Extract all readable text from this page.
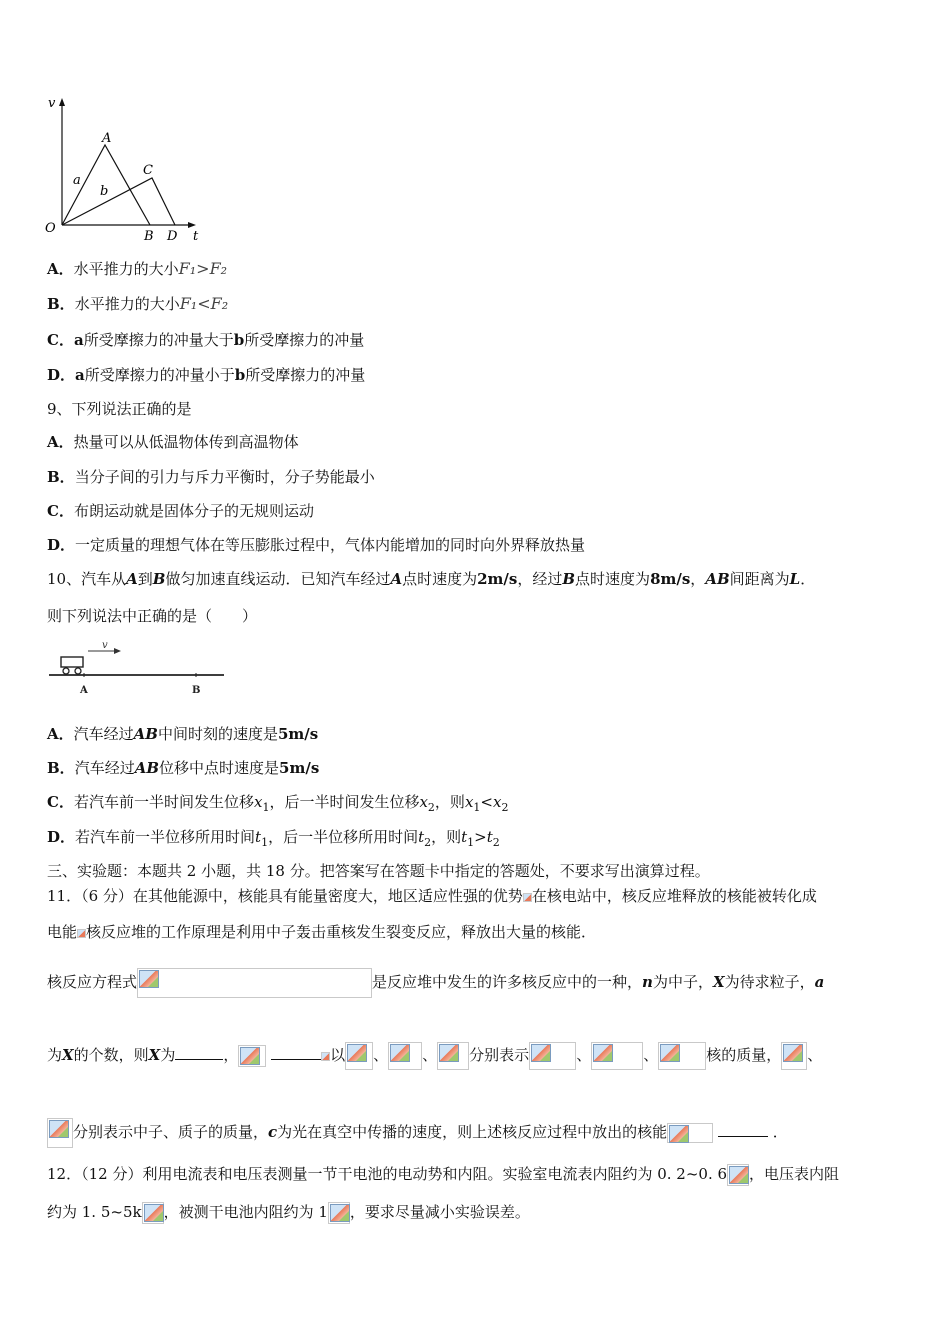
v
t
O
A
C
B D
a
b
A．水平推力的大小F₁>F₂
B．水平推力的大小F₁<F₂
C．a所受摩擦力的冲量大于b所受摩擦力的冲量
D．a所受摩擦力的冲量小于b所受摩擦力的冲量
9、下列说法正确的是
A．热量可以从低温物体传到高温物体
B．当分子间的引力与斥力平衡时，分子势能最小
C．布朗运动就是固体分子的无规则运动
D．一定质量的理想气体在等压膨胀过程中，气体内能增加的同时向外界释放热量
10、汽车从A到B做匀加速直线运动．已知汽车经过A点时速度为2m/s，经过B点时速度为8m/s，AB间距离为L．
则下列说法中正确的是（　　）
v
A	B
A．汽车经过AB中间时刻的速度是5m/s
B．汽车经过AB位移中点时速度是5m/s
C．若汽车前一半时间发生位移$x_1$，后一半时间发生位移$x_2$，则$x_1<x_2$
D．若汽车前一半位移所用时间$t_1$，后一半位移所用时间$t_2$，则$t_1>t_2$
三、实验题：本题共 2 小题，共 18 分。把答案写在答题卡中指定的答题处，不要求写出演算过程。
11．（6 分）在其他能源中，核能具有能量密度大，地区适应性强的优势 在核电站中，核反应堆释放的核能被转化成
电能 核反应堆的工作原理是利用中子轰击重核发生裂变反应，释放出大量的核能．
核反应方程式	是反应堆中发生的许多核反应中的一种，n为中子，X为待求粒子，a
为X的个数，则X为	，	以 、 、 分别表示	、	、	核的质量， 、
分别表示中子、质子的质量，c为光在真空中传播的速度，则上述核反应过程中放出的核能	．
12．（12 分）利用电流表和电压表测量一节干电池的电动势和内阻。实验室电流表内阻约为 0. 2~0. 6 ，电压表内阻
约为 1. 5~5k ，被测干电池内阻约为 1 ，要求尽量减小实验误差。
